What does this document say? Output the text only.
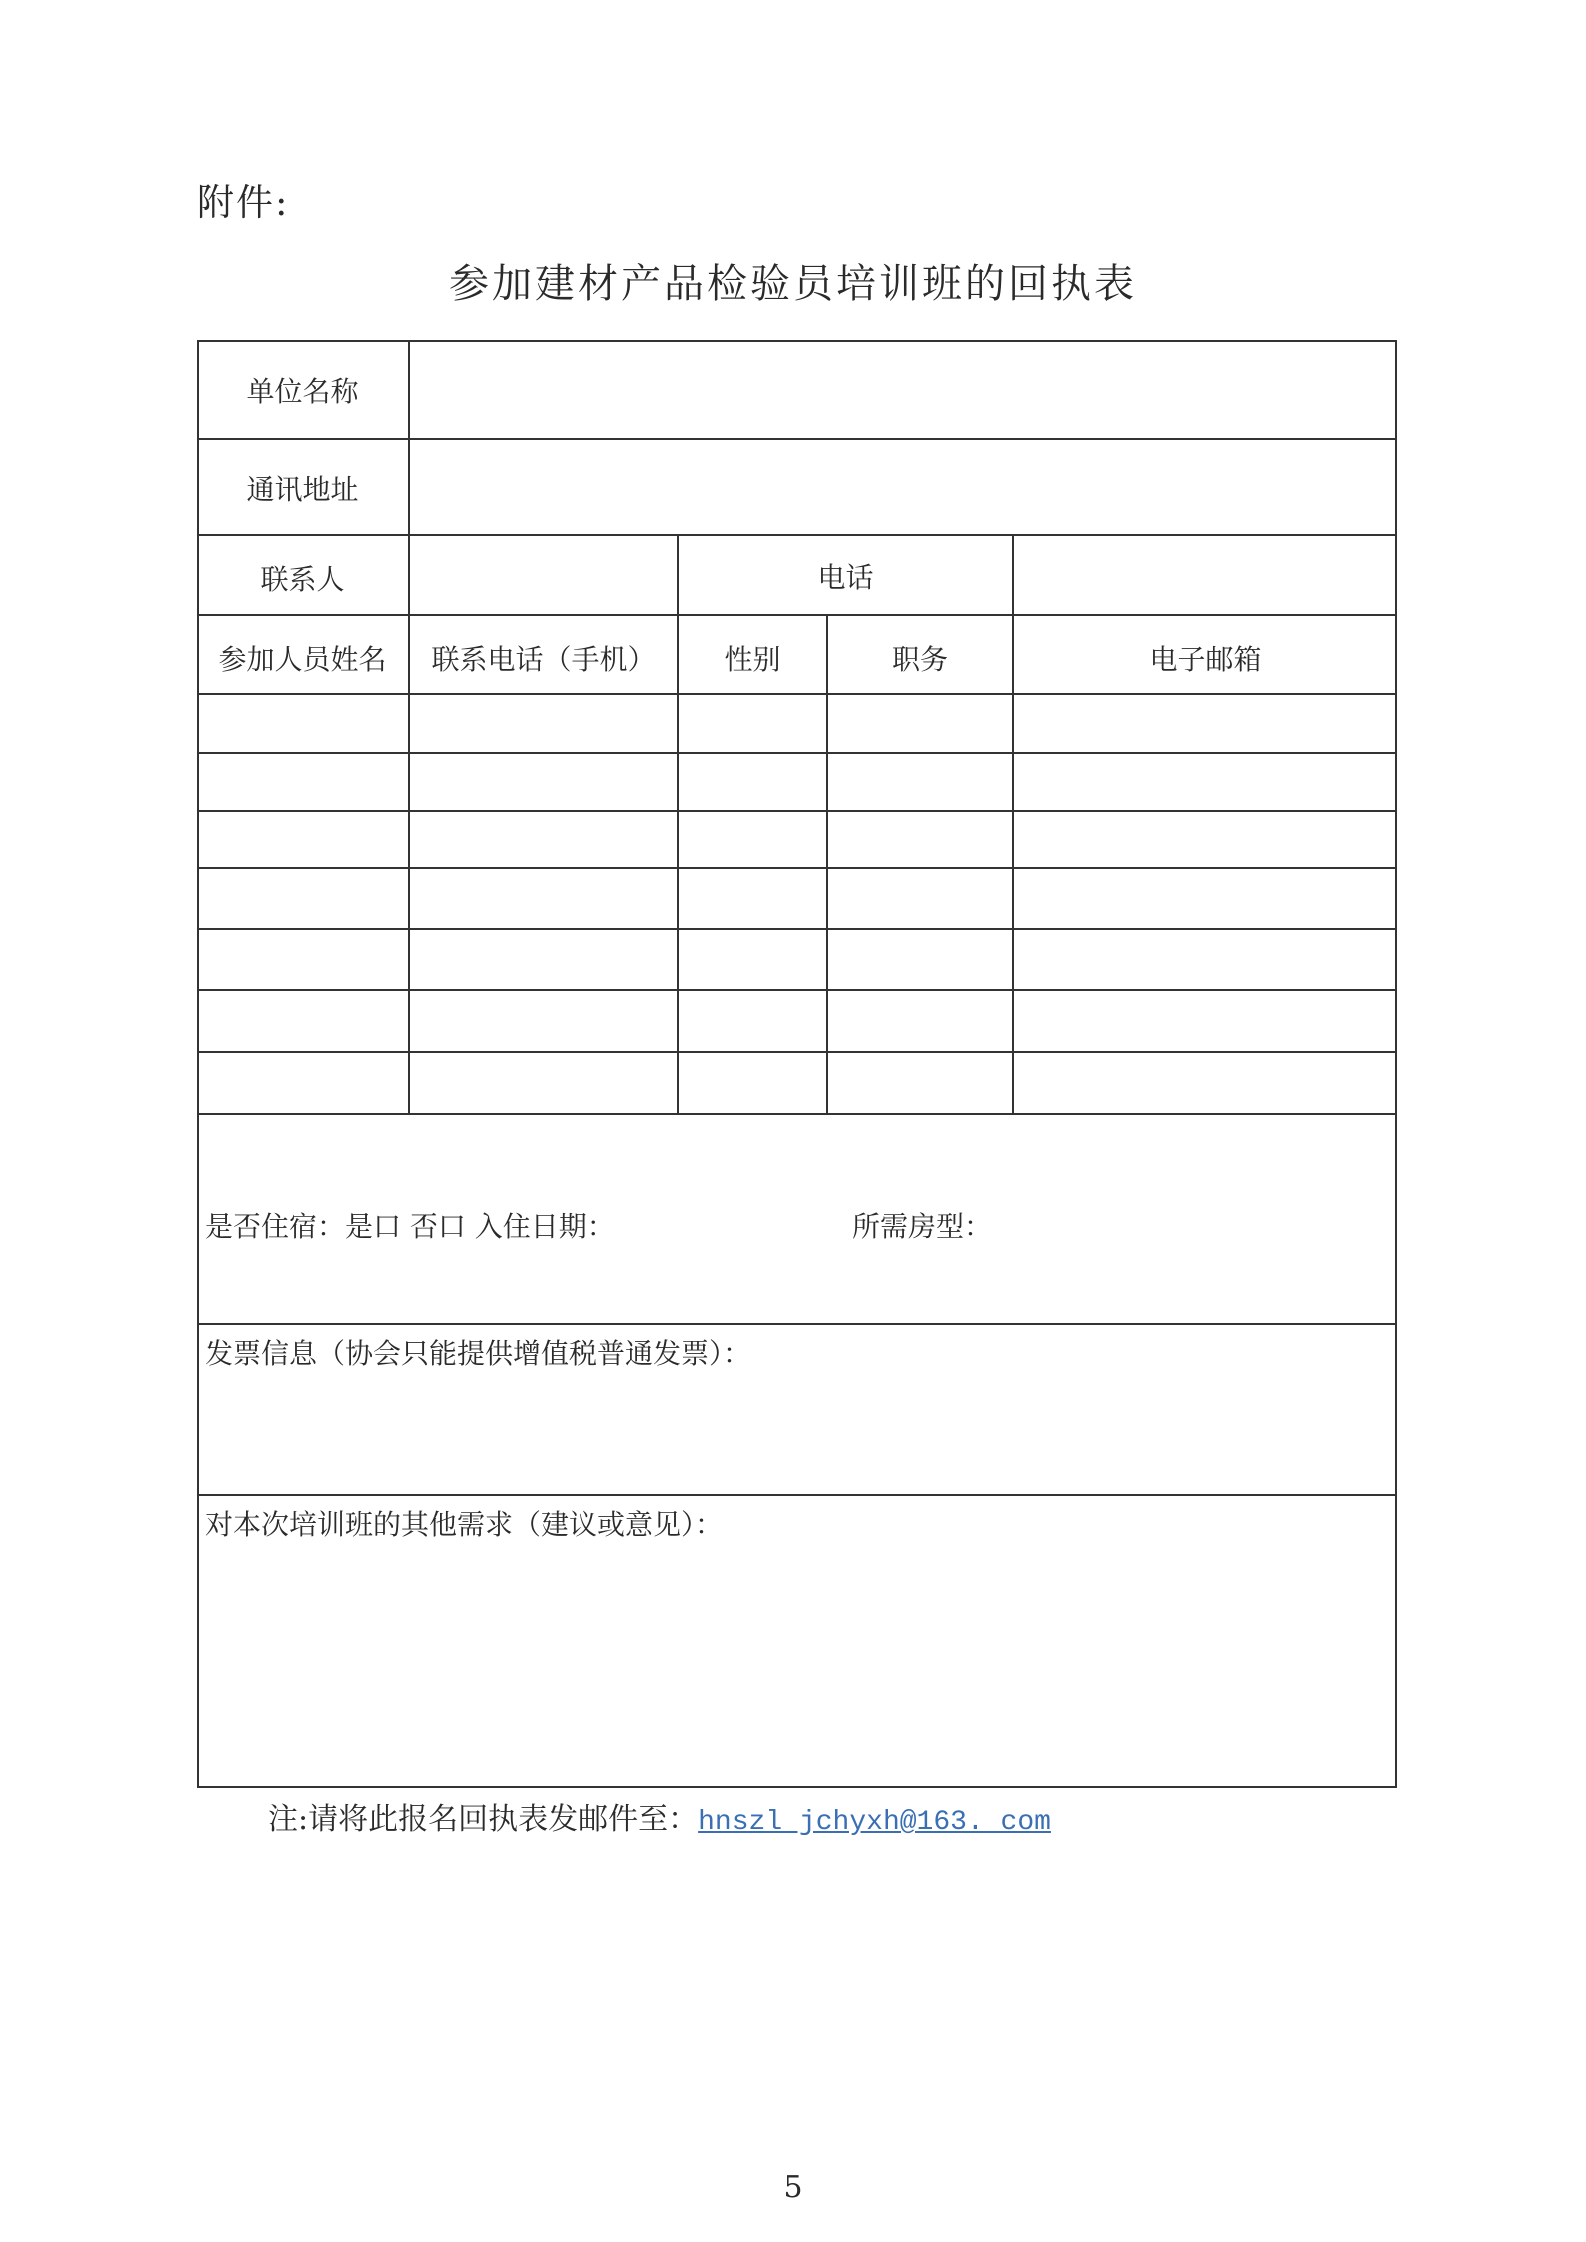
附件:
参加建材产品检验员培训班的回执表
单位名称
通讯地址
联系人	电话
参加人员姓名	联系电话（手机）	性别	职务	电子邮箱
是否住宿：是口 否口 入住日期：	所需房型：
发票信息（协会只能提供增值税普通发票）：
对本次培训班的其他需求（建议或意见）：
注:请将此报名回执表发邮件至：hnszl jchyxh@163. com
5
